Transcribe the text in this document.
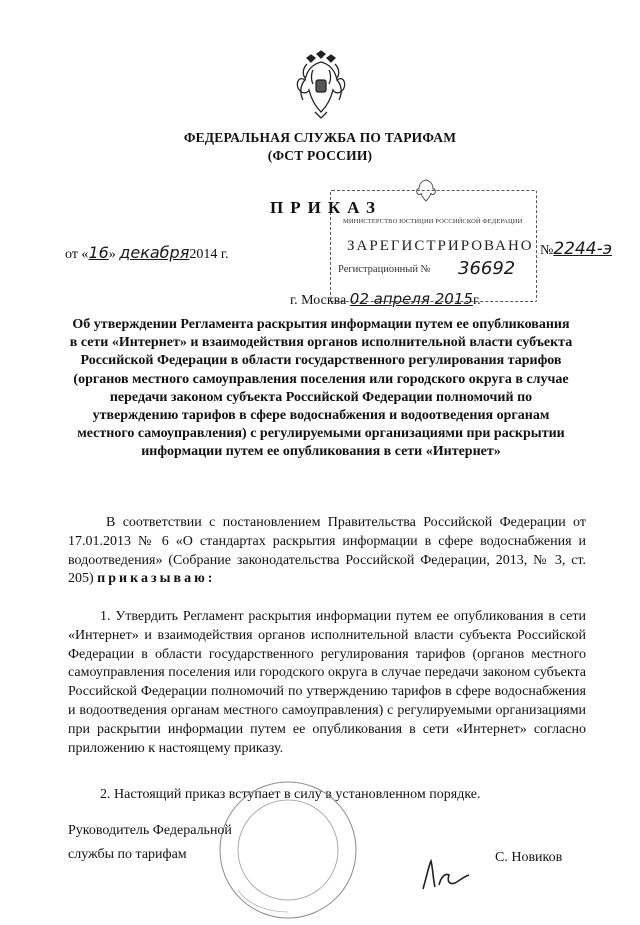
ФЕДЕРАЛЬНАЯ СЛУЖБА ПО ТАРИФАМ
(ФСТ РОССИИ)
ПРИКАЗ
МИНИСТЕРСТВО ЮСТИЦИИ РОССИЙСКОЙ ФЕДЕРАЦИИ
ЗАРЕГИСТРИРОВАНО
Регистрационный № 36692
от «16» декабря2014 г.	№2244-э
г. Москва 02 апреля 2015г.
Об утверждении Регламента раскрытия информации путем ее опубликования в сети «Интернет» и взаимодействия органов исполнительной власти субъекта Российской Федерации в области государственного регулирования тарифов (органов местного самоуправления поселения или городского округа в случае передачи законом субъекта Российской Федерации полномочий по утверждению тарифов в сфере водоснабжения и водоотведения органам местного самоуправления) с регулируемыми организациями при раскрытии информации путем ее опубликования в сети «Интернет»
В соответствии с постановлением Правительства Российской Федерации от 17.01.2013 № 6 «О стандартах раскрытия информации в сфере водоснабжения и водоотведения» (Собрание законодательства Российской Федерации, 2013, № 3, ст. 205) приказываю:
1. Утвердить Регламент раскрытия информации путем ее опубликования в сети «Интернет» и взаимодействия органов исполнительной власти субъекта Российской Федерации в области государственного регулирования тарифов (органов местного самоуправления поселения или городского округа в случае передачи законом субъекта Российской Федерации полномочий по утверждению тарифов в сфере водоснабжения и водоотведения органам местного самоуправления) с регулируемыми организациями при раскрытии информации путем ее опубликования в сети «Интернет» согласно приложению к настоящему приказу.
2. Настоящий приказ вступает в силу в установленном порядке.
Руководитель Федеральной
службы по тарифам	С. Новиков
